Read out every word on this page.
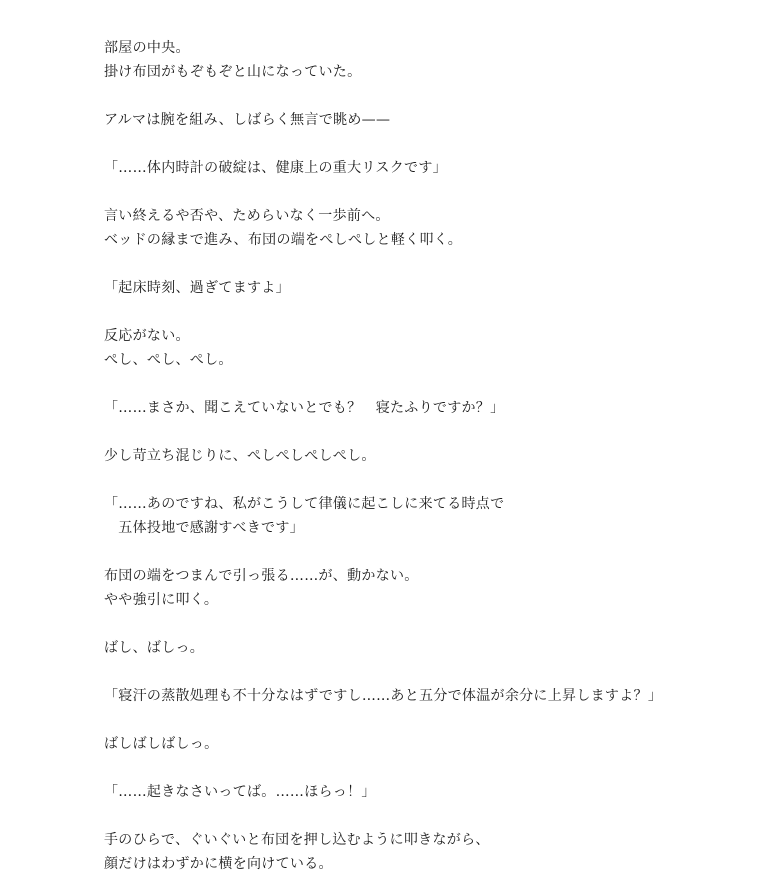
部屋の中央。
掛け布団がもぞもぞと山になっていた。
アルマは腕を組み、しばらく無言で眺め——
「……体内時計の破綻は、健康上の重大リスクです」
言い終えるや否や、ためらいなく一歩前へ。
ベッドの縁まで進み、布団の端をぺしぺしと軽く叩く。
「起床時刻、過ぎてますよ」
反応がない。
ぺし、ぺし、ぺし。
「……まさか、聞こえていないとでも？　寝たふりですか？」
少し苛立ち混じりに、ぺしぺしぺしぺし。
「……あのですね、私がこうして律儀に起こしに来てる時点で
　五体投地で感謝すべきです」
布団の端をつまんで引っ張る……が、動かない。
やや強引に叩く。
ばし、ばしっ。
「寝汗の蒸散処理も不十分なはずですし……あと五分で体温が余分に上昇しますよ？」
ばしばしばしっ。
「……起きなさいってば。……ほらっ！」
手のひらで、ぐいぐいと布団を押し込むように叩きながら、
顔だけはわずかに横を向けている。
